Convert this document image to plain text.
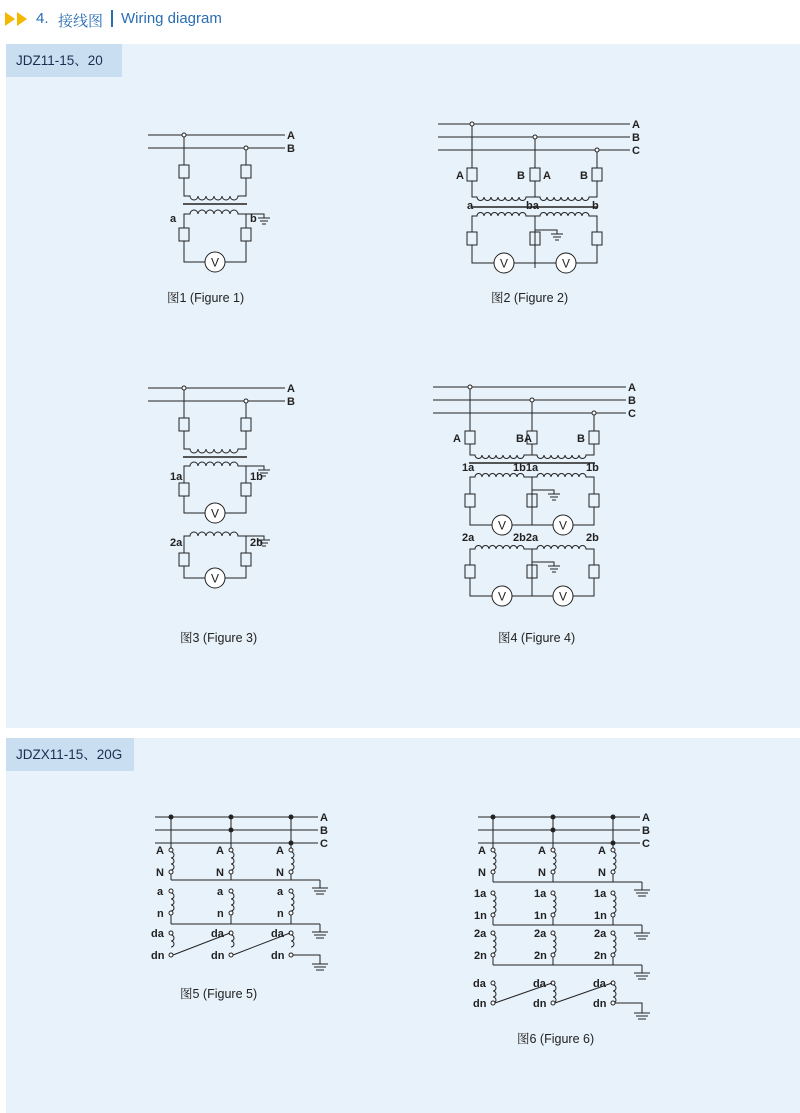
4. 接线图 Wiring diagram
JDZ11-15、20
JDZX11-15、20G
A
B
a	b
V
图1 (Figure 1)
A
B
C
A	B A	B
a	ba	b
V	V
图2 (Figure 2)
A
B
1a	1b
V
2a	2b
V
图3 (Figure 3)
A
B
C
A	BA	B
1a	1b1a	1b
V	V
2a	2b2a	2b
V	V
图4 (Figure 4)
A
B
C
A	A	A
N	N	N
a	a	a
n	n	n
da	da	da
dn	dn	dn
图5 (Figure 5)
A
B
C
A	A	A
N	N	N
1a	1a	1a
1n	1n	1n
2a	2a	2a
2n	2n	2n
da	da	da
dn	dn	dn
图6 (Figure 6)
